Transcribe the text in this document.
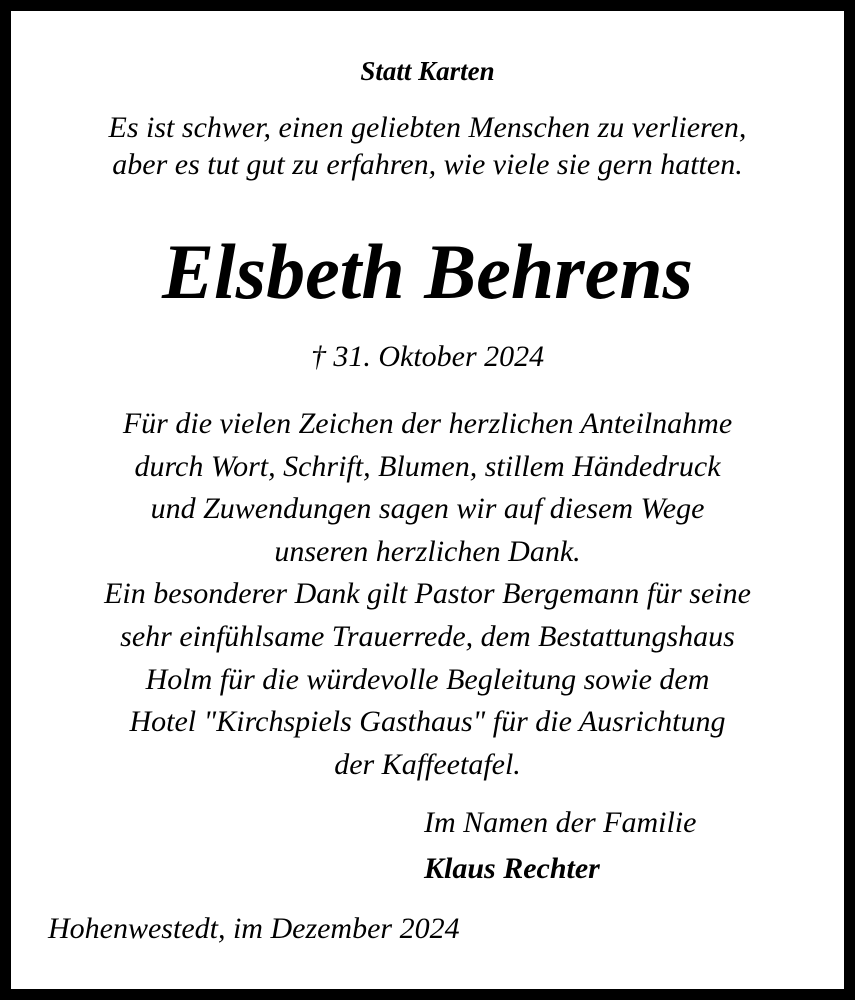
Statt Karten
Es ist schwer, einen geliebten Menschen zu verlieren,
aber es tut gut zu erfahren, wie viele sie gern hatten.
Elsbeth Behrens
† 31. Oktober 2024
Für die vielen Zeichen der herzlichen Anteilnahme
durch Wort, Schrift, Blumen, stillem Händedruck
und Zuwendungen sagen wir auf diesem Wege
unseren herzlichen Dank.
Ein besonderer Dank gilt Pastor Bergemann für seine
sehr einfühlsame Trauerrede, dem Bestattungshaus
Holm für die würdevolle Begleitung sowie dem
Hotel "Kirchspiels Gasthaus" für die Ausrichtung
der Kaffeetafel.
Im Namen der Familie
Klaus Rechter
Hohenwestedt, im Dezember 2024
